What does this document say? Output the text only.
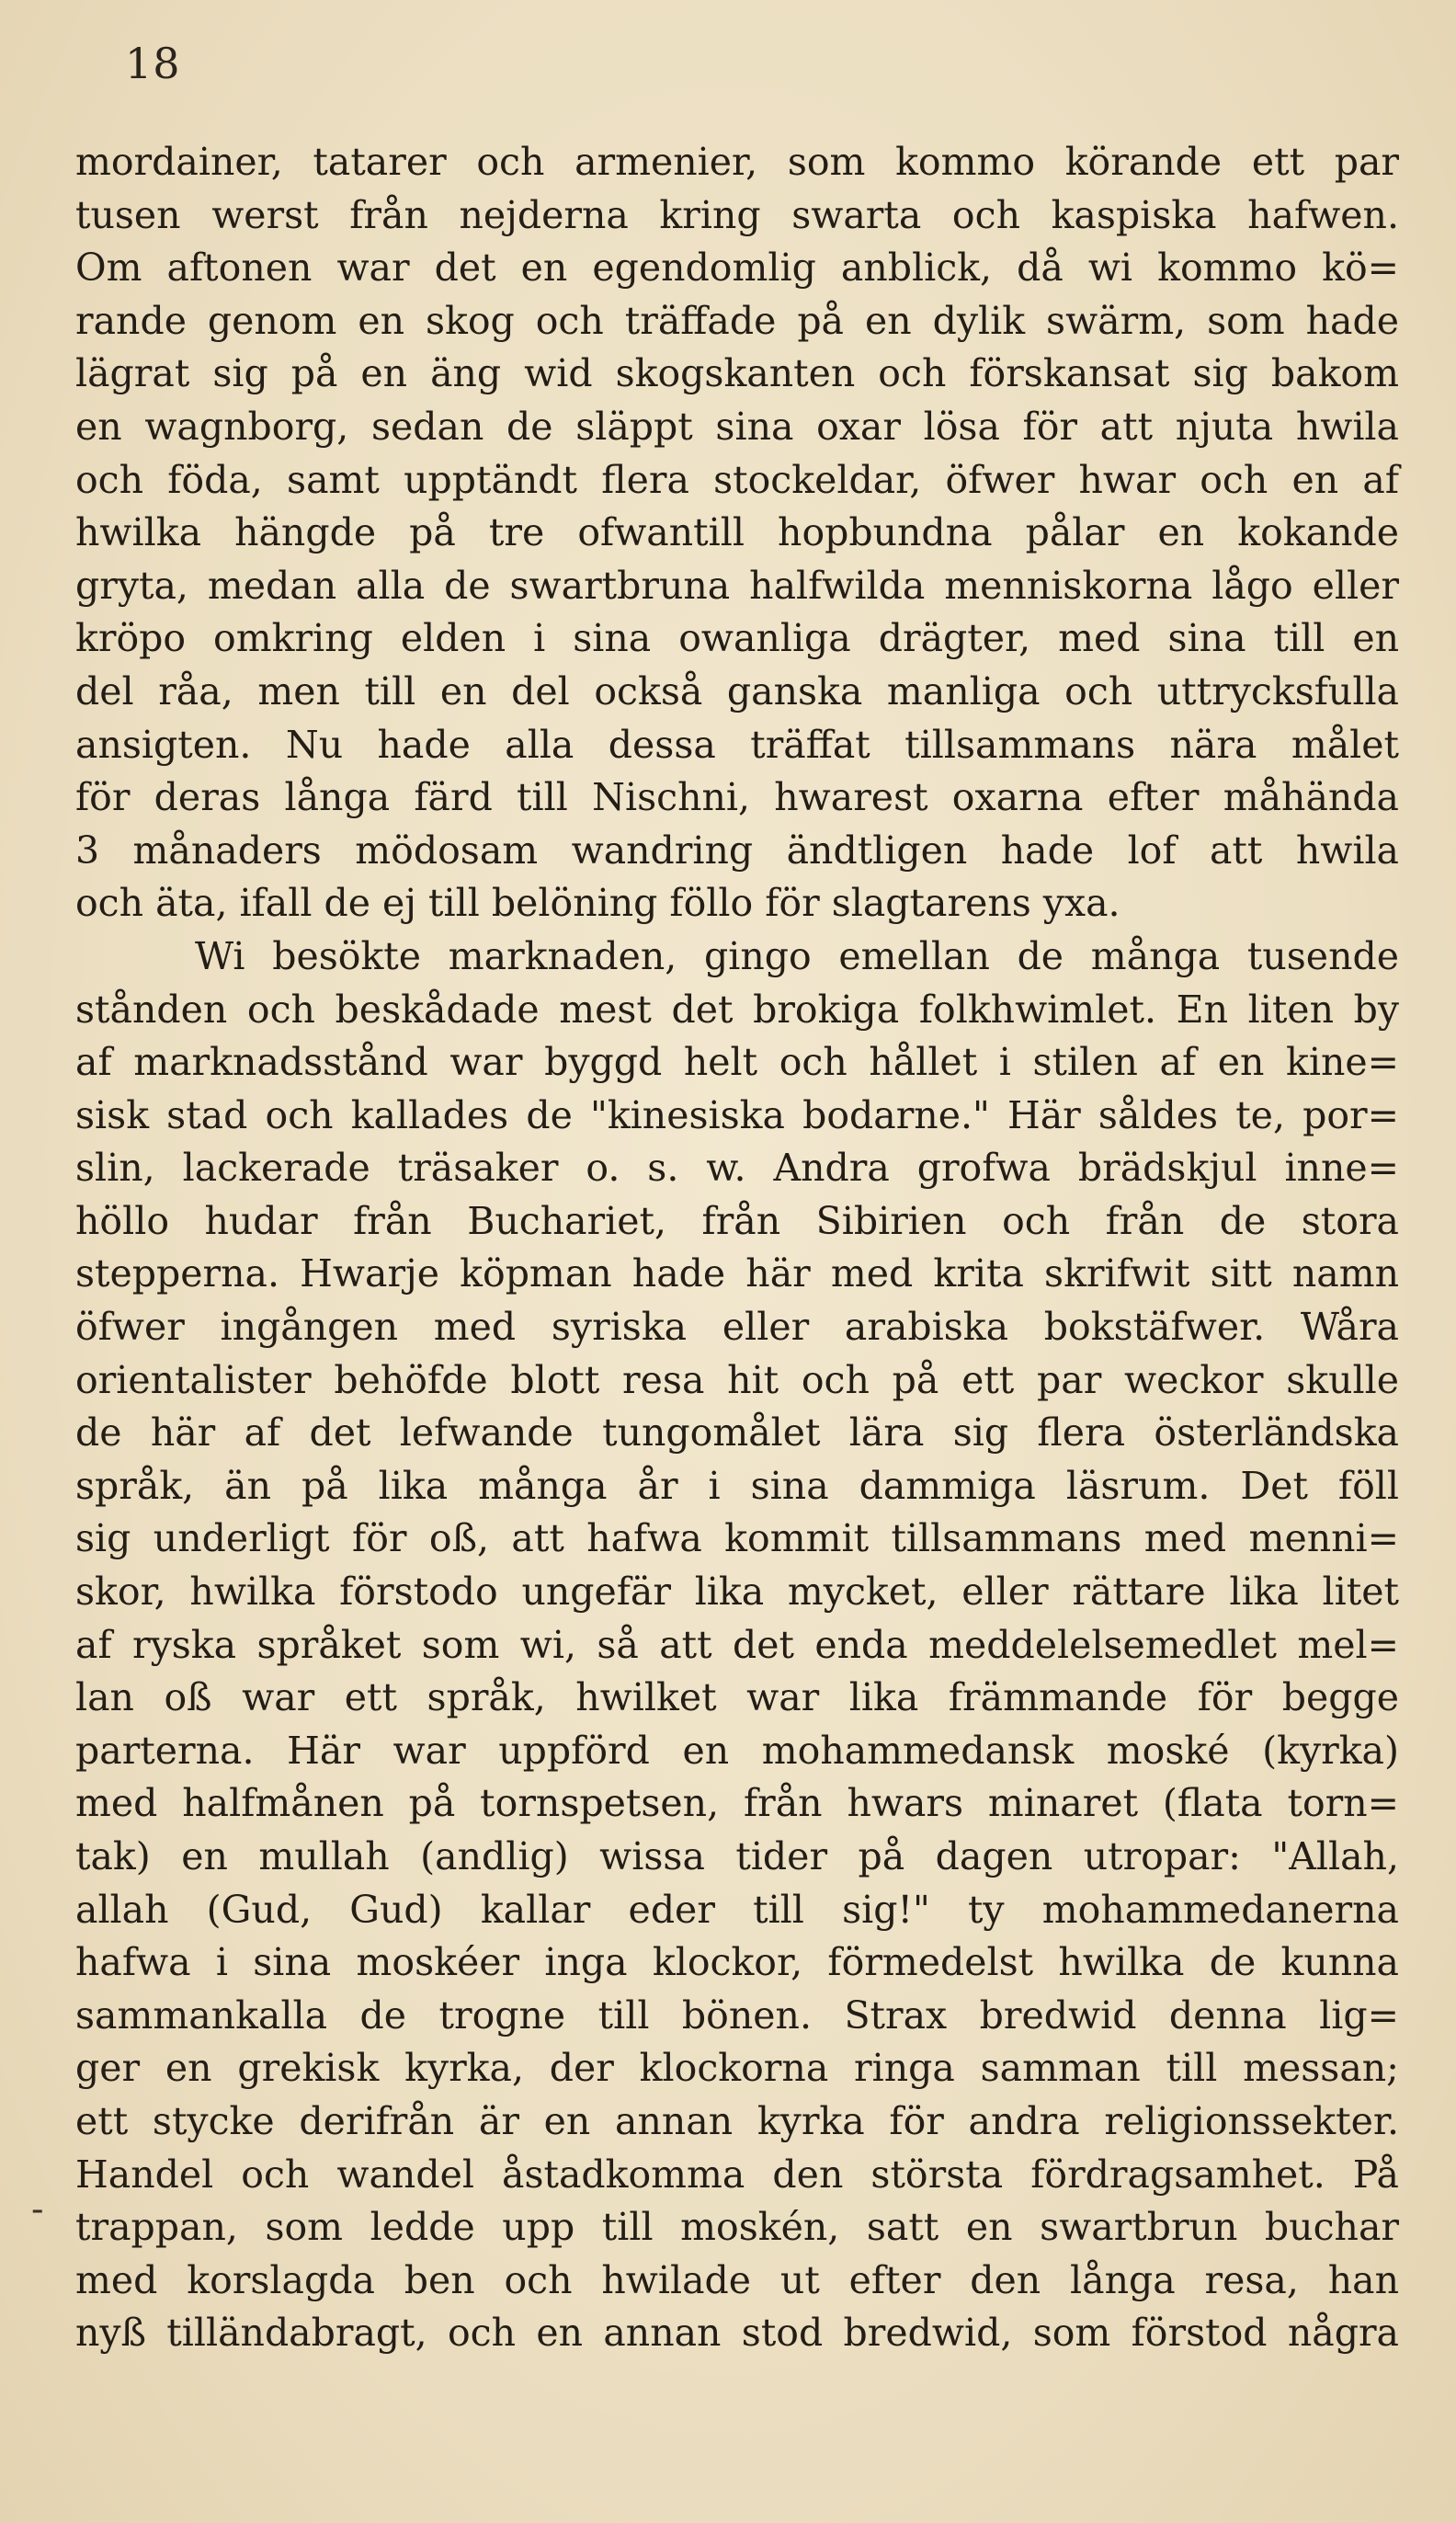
18
-
mordainer, tatarer och armenier, som kommo körande ett par
tusen werst från nejderna kring swarta och kaspiska hafwen.
Om aftonen war det en egendomlig anblick, då wi kommo kö=
rande genom en skog och träffade på en dylik swärm, som hade
lägrat sig på en äng wid skogskanten och förskansat sig bakom
en wagnborg, sedan de släppt sina oxar lösa för att njuta hwila
och föda, samt upptändt flera stockeldar, öfwer hwar och en af
hwilka hängde på tre ofwantill hopbundna pålar en kokande
gryta, medan alla de swartbruna halfwilda menniskorna lågo eller
kröpo omkring elden i sina owanliga drägter, med sina till en
del råa, men till en del också ganska manliga och uttrycksfulla
ansigten. Nu hade alla dessa träffat tillsammans nära målet
för deras långa färd till Nischni, hwarest oxarna efter måhända
3 månaders mödosam wandring ändtligen hade lof att hwila
och äta, ifall de ej till belöning föllo för slagtarens yxa.
Wi besökte marknaden, gingo emellan de många tusende
stånden och beskådade mest det brokiga folkhwimlet. En liten by
af marknadsstånd war byggd helt och hållet i stilen af en kine=
sisk stad och kallades de "kinesiska bodarne." Här såldes te, por=
slin, lackerade träsaker o. s. w. Andra grofwa brädskjul inne=
höllo hudar från Buchariet, från Sibirien och från de stora
stepperna. Hwarje köpman hade här med krita skrifwit sitt namn
öfwer ingången med syriska eller arabiska bokstäfwer. Wåra
orientalister behöfde blott resa hit och på ett par weckor skulle
de här af det lefwande tungomålet lära sig flera österländska
språk, än på lika många år i sina dammiga läsrum. Det föll
sig underligt för oß, att hafwa kommit tillsammans med menni=
skor, hwilka förstodo ungefär lika mycket, eller rättare lika litet
af ryska språket som wi, så att det enda meddelelsemedlet mel=
lan oß war ett språk, hwilket war lika främmande för begge
parterna. Här war uppförd en mohammedansk moské (kyrka)
med halfmånen på tornspetsen, från hwars minaret (flata torn=
tak) en mullah (andlig) wissa tider på dagen utropar: "Allah,
allah (Gud, Gud) kallar eder till sig!" ty mohammedanerna
hafwa i sina moskéer inga klockor, förmedelst hwilka de kunna
sammankalla de trogne till bönen. Strax bredwid denna lig=
ger en grekisk kyrka, der klockorna ringa samman till messan;
ett stycke derifrån är en annan kyrka för andra religionssekter.
Handel och wandel åstadkomma den största fördragsamhet. På
trappan, som ledde upp till moskén, satt en swartbrun buchar
med korslagda ben och hwilade ut efter den långa resa, han
nyß tilländabragt, och en annan stod bredwid, som förstod några
